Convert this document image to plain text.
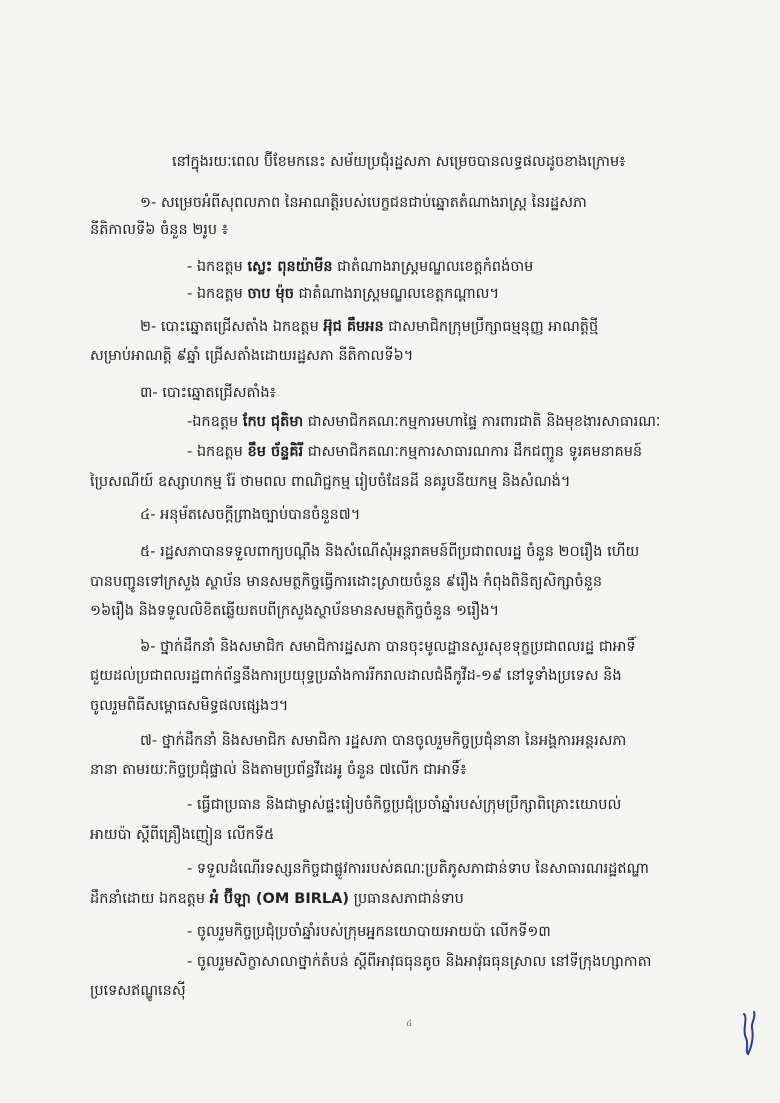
នៅក្នុងរយៈពេល ប៊ីខែមកនេះ សម័យប្រជុំរដ្ឋសភា សម្រេចបានលទ្ធផលដូចខាងក្រោម៖
១- សម្រេចអំពីសុពលភាព នៃអាណត្តិរបស់បេក្ខជនជាប់ឆ្នោតតំណាងរាស្ត្រ នៃរដ្ឋសភា
នីតិកាលទី៦ ចំនួន ២រូប ៖
- ឯកឧត្តម ស្លេះ ពុនយ៉ាមីន ជាតំណាងរាស្ត្រមណ្ឌលខេត្តកំពង់ចាម
- ឯកឧត្តម ចាប ម៉ុច ជាតំណាងរាស្ត្រមណ្ឌលខេត្តកណ្តាល។
២- បោះឆ្នោតជ្រើសតាំង ឯកឧត្តម អ៊ុជ គឹមអន ជាសមាជិកក្រុមប្រឹក្សាធម្មនុញ្ញ អាណត្តិថ្មី
សម្រាប់អាណត្តិ ៩ឆ្នាំ ជ្រើសតាំងដោយរដ្ឋសភា នីតិកាលទី៦។
៣- បោះឆ្នោតជ្រើសតាំង៖
-ឯកឧត្តម កែប ជុតិមា ជាសមាជិកគណៈកម្មការមហាផ្ទៃ ការពារជាតិ និងមុខងារសាធារណៈ
- ឯកឧត្តម ខឹម ច័ន្ទគិរី ជាសមាជិកគណៈកម្មការសាធារណការ ដឹកជញ្ជូន ទូរគមនាគមន៍
ប្រៃសណីយ៍ ឧស្សាហកម្ម រ៉ែ ថាមពល ពាណិជ្ជកម្ម រៀបចំដែនដី នគរូបនីយកម្ម និងសំណង់។
៤- អនុម័តសេចក្តីព្រាងច្បាប់បានចំនួន៧។
៥- រដ្ឋសភាបានទទួលពាក្យបណ្តឹង និងសំណើសុំអន្តរាគមន៍ពីប្រជាពលរដ្ឋ ចំនួន ២០រឿង ហើយ
បានបញ្ជូនទៅក្រសួង ស្ថាប័ន មានសមត្ថកិច្ចធ្វើការដោះស្រាយចំនួន ៩រឿង កំពុងពិនិត្យសិក្សាចំនួន
១៦រឿង និងទទួលលិខិតឆ្លើយតបពីក្រសួងស្ថាប័នមានសមត្ថកិច្ចចំនួន ១រឿង។
៦- ថ្នាក់ដឹកនាំ និងសមាជិក សមាជិការដ្ឋសភា បានចុះមូលដ្ឋានសួរសុខទុក្ខប្រជាពលរដ្ឋ ជាអាទិ៍
ជួយដល់ប្រជាពលរដ្ឋពាក់ព័ន្ធនឹងការប្រយុទ្ធប្រឆាំងការរីករាលដាលជំងឺកូវីដ-១៩ នៅទូទាំងប្រទេស និង
ចូលរួមពិធីសម្ពោធសមិទ្ធផលផ្សេងៗ។
៧- ថ្នាក់ដឹកនាំ និងសមាជិក សមាជិកា រដ្ឋសភា បានចូលរួមកិច្ចប្រជុំនានា នៃអង្គការអន្តរសភា
នានា តាមរយៈកិច្ចប្រជុំផ្ទាល់ និងតាមប្រព័ន្ធវីដេអូ ចំនួន ៧លើក ជាអាទិ៍៖
- ធ្វើជាប្រធាន និងជាម្ចាស់ផ្ទះរៀបចំកិច្ចប្រជុំប្រចាំឆ្នាំរបស់ក្រុមប្រឹក្សាពិគ្រោះយោបល់
អាយប៉ា ស្តីពីគ្រឿងញៀន លើកទី៥
- ទទួលដំណើរទស្សនកិច្ចជាផ្លូវការរបស់គណៈប្រតិភូសភាជាន់ទាប នៃសាធារណរដ្ឋឥណ្ឌា
ដឹកនាំដោយ ឯកឧត្តម អំ ប៊ីឡា (OM BIRLA) ប្រធានសភាជាន់ទាប
- ចូលរួមកិច្ចប្រជុំប្រចាំឆ្នាំរបស់ក្រុមអ្នកនយោបាយអាយប៉ា លើកទី១៣
- ចូលរួមសិក្ខាសាលាថ្នាក់តំបន់ ស្តីពីអាវុធធុនតូច និងអាវុធធុនស្រាល នៅទីក្រុងហ្សាកាតា
ប្រទេសឥណ្ឌូនេស៊ី
៤
